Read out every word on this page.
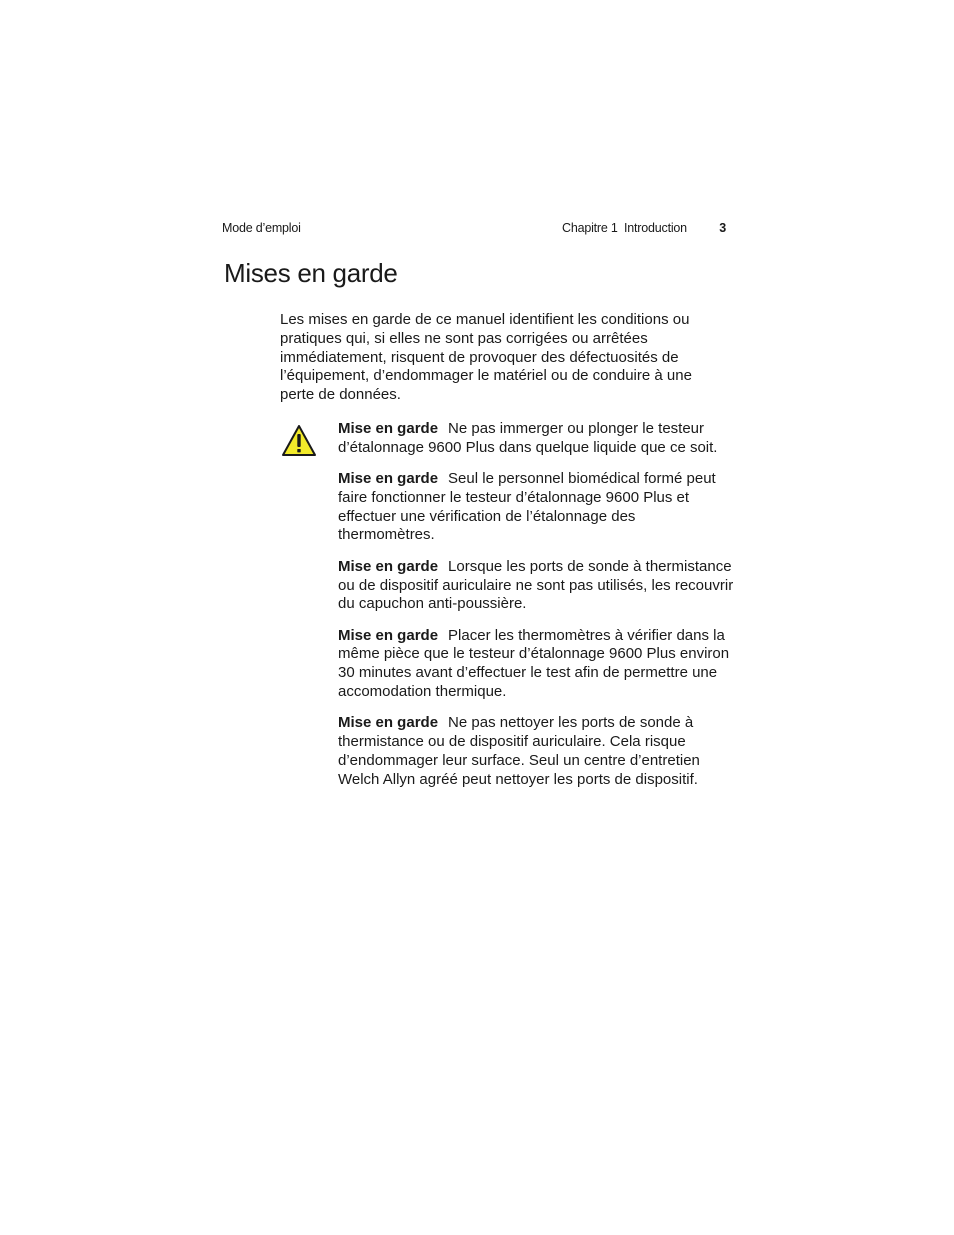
Mode d’emploi	Chapitre 1 Introduction	3
Mises en garde

Les mises en garde de ce manuel identifient les conditions ou pratiques qui, si elles ne sont pas corrigées ou arrêtées immédiatement, risquent de provoquer des défectuosités de l’équipement, d’endommager le matériel ou de conduire à une perte de données.

Mise en garde Ne pas immerger ou plonger le testeur d’étalonnage 9600 Plus dans quelque liquide que ce soit.

Mise en garde Seul le personnel biomédical formé peut faire fonctionner le testeur d’étalonnage 9600 Plus et effectuer une vérification de l’étalonnage des thermomètres.

Mise en garde Lorsque les ports de sonde à thermistance ou de dispositif auriculaire ne sont pas utilisés, les recouvrir du capuchon anti-poussière.

Mise en garde Placer les thermomètres à vérifier dans la même pièce que le testeur d’étalonnage 9600 Plus environ 30 minutes avant d’effectuer le test afin de permettre une accomodation thermique.

Mise en garde Ne pas nettoyer les ports de sonde à thermistance ou de dispositif auriculaire. Cela risque d’endommager leur surface. Seul un centre d’entretien Welch Allyn agréé peut nettoyer les ports de dispositif.
